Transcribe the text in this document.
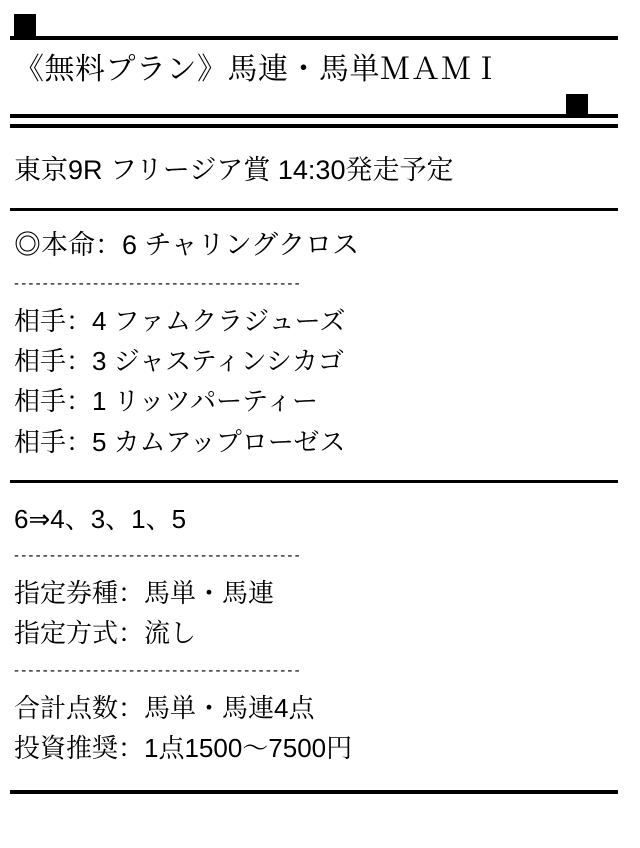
《無料プラン》馬連・馬単ＭＡＭＩ
東京9R フリージア賞 14:30発走予定
◎本命：6 チャリングクロス
----------------------------------------
相手：4 ファムクラジューズ
相手：3 ジャスティンシカゴ
相手：1 リッツパーティー
相手：5 カムアップローゼス
6⇒4、3、1、5
----------------------------------------
指定券種：馬単・馬連
指定方式：流し
----------------------------------------
合計点数：馬単・馬連4点
投資推奨：1点1500〜7500円
